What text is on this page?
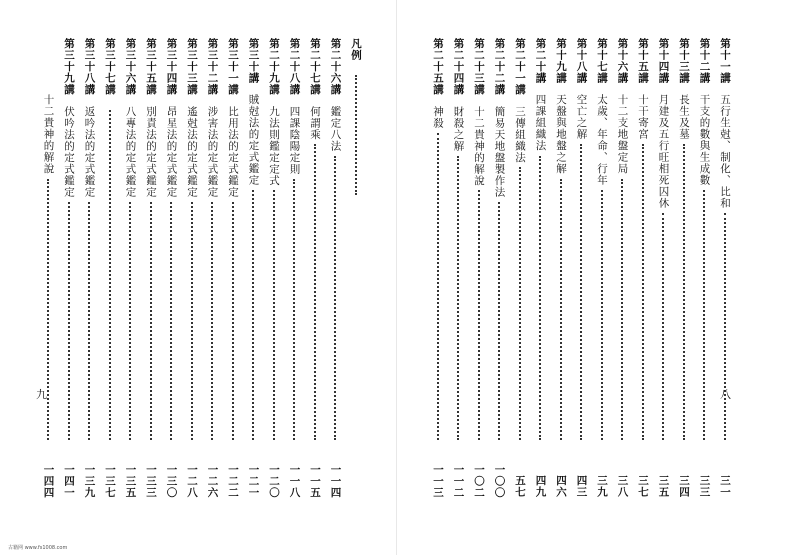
凡例
第二十六講
鑑定八法
一一四
第二十七講
何謂乘
一一五
第二十八講
四課陰陽定則
一一八
第二十九講
九法則鑑定定式
一二〇
第三十講
賊尅法的定式鑑定
一二一
第三十一講
比用法的定式鑑定
一二二
第三十二講
涉害法的定式鑑定
一二六
第三十三講
遙尅法的定式鑑定
一二八
第三十四講
昂星法的定式鑑定
一三〇
第三十五講
別責法的定式鑑定
一三三
第三十六講
八專法的定式鑑定
一三五
第三十七講
一三七
第三十八講
返吟法的定式鑑定
一三九
第三十九講
伏吟法的定式鑑定
一四一
十二貴神的解說
一四四
九
第十一講
五行生尅、制化、比和
三一
第十二講
干支的數與生成數
三三
第十三講
長生及墓
三四
第十四講
月建及五行旺相死囚休
三五
第十五講
十干寄宮
三七
第十六講
十二支地盤定局
三八
第十七講
太歲、年命、行年
三九
第十八講
空亡之解
四三
第十九講
天盤與地盤之解
四六
第二十講
四課組織法
四九
第二十一講
三傳組織法
五七
第二十二講
簡易天地盤製作法
一〇〇
第二十三講
十二貴神的解說
一〇二
第二十四講
財殺之解
一一二
第二十五講
神殺
一一三
八
古籍网 www.fs1008.com
